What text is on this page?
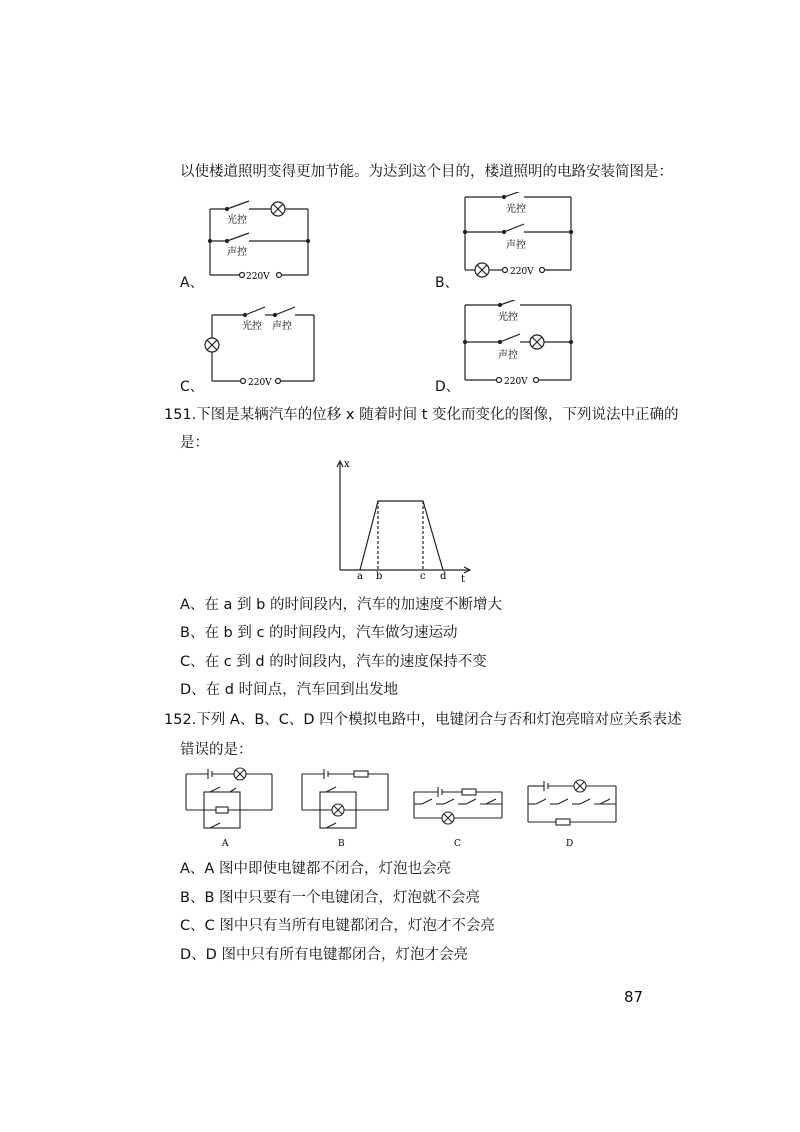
以使楼道照明变得更加节能。为达到这个目的，楼道照明的电路安装简图是：
A、
光控
声控
220V	B、
光控
声控
220V
C、
光控 声控
220V	D、
光控
声控
220V
151.下图是某辆汽车的位移 x 随着时间 t 变化而变化的图像，下列说法中正确的
是：
x
t
a b	c d
A、在 a 到 b 的时间段内，汽车的加速度不断增大
B、在 b 到 c 的时间段内，汽车做匀速运动
C、在 c 到 d 的时间段内，汽车的速度保持不变
D、在 d 时间点，汽车回到出发地
152.下列 A、B、C、D 四个模拟电路中，电键闭合与否和灯泡亮暗对应关系表述
错误的是：
A	B	C	D
A、A 图中即使电键都不闭合，灯泡也会亮
B、B 图中只要有一个电键闭合，灯泡就不会亮
C、C 图中只有当所有电键都闭合，灯泡才不会亮
D、D 图中只有所有电键都闭合，灯泡才会亮
87
